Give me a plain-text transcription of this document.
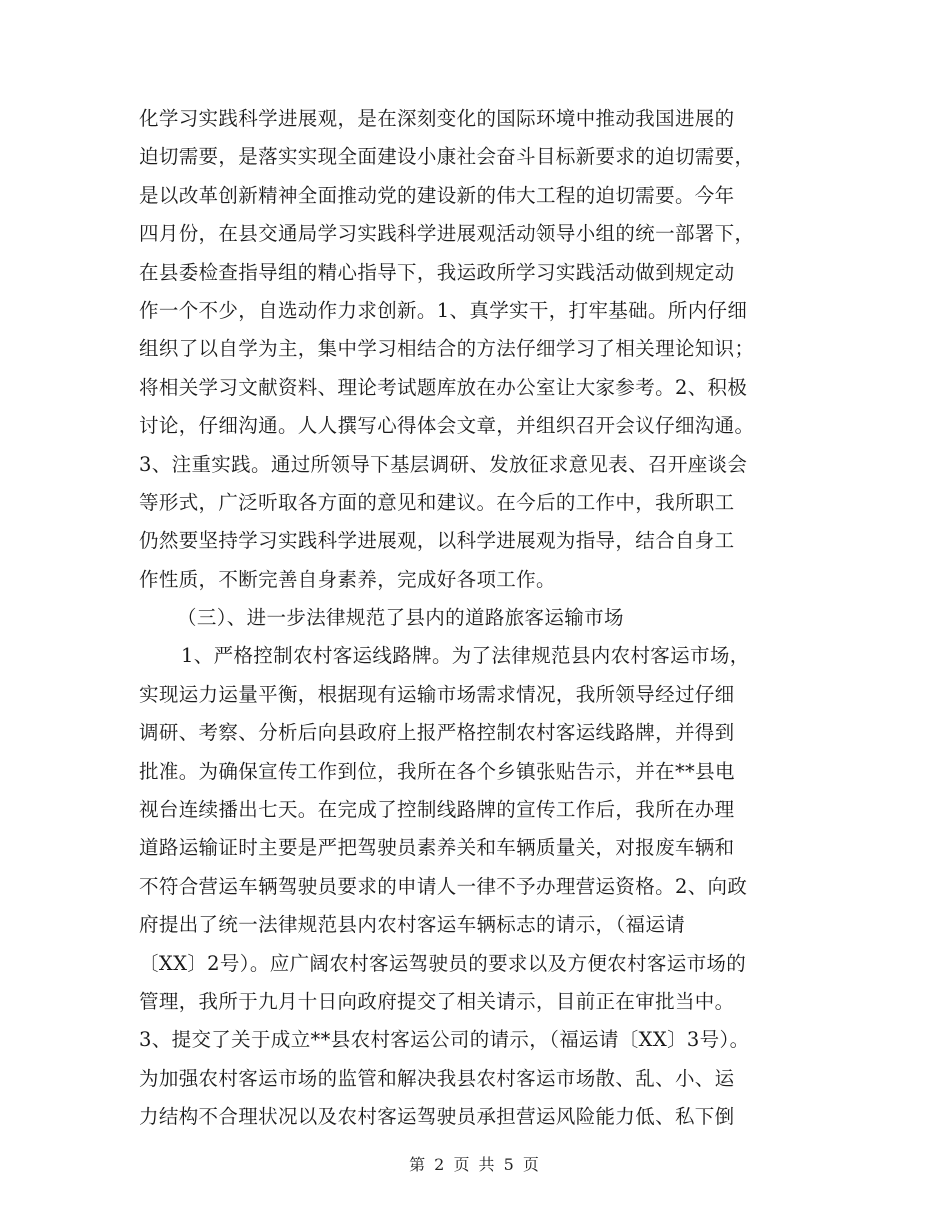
化学习实践科学进展观，是在深刻变化的国际环境中推动我国进展的
迫切需要，是落实实现全面建设小康社会奋斗目标新要求的迫切需要，
是以改革创新精神全面推动党的建设新的伟大工程的迫切需要。今年
四月份，在县交通局学习实践科学进展观活动领导小组的统一部署下，
在县委检查指导组的精心指导下，我运政所学习实践活动做到规定动
作一个不少，自选动作力求创新。1、真学实干，打牢基础。所内仔细
组织了以自学为主，集中学习相结合的方法仔细学习了相关理论知识；
将相关学习文献资料、理论考试题库放在办公室让大家参考。2、积极
讨论，仔细沟通。人人撰写心得体会文章，并组织召开会议仔细沟通。
3、注重实践。通过所领导下基层调研、发放征求意见表、召开座谈会
等形式，广泛听取各方面的意见和建议。在今后的工作中，我所职工
仍然要坚持学习实践科学进展观，以科学进展观为指导，结合自身工
作性质，不断完善自身素养，完成好各项工作。
（三）、进一步法律规范了县内的道路旅客运输市场
1、严格控制农村客运线路牌。为了法律规范县内农村客运市场，
实现运力运量平衡，根据现有运输市场需求情况，我所领导经过仔细
调研、考察、分析后向县政府上报严格控制农村客运线路牌，并得到
批准。为确保宣传工作到位，我所在各个乡镇张贴告示，并在**县电
视台连续播出七天。在完成了控制线路牌的宣传工作后，我所在办理
道路运输证时主要是严把驾驶员素养关和车辆质量关，对报废车辆和
不符合营运车辆驾驶员要求的申请人一律不予办理营运资格。2、向政
府提出了统一法律规范县内农村客运车辆标志的请示，（福运请
〔XX〕2号）。应广阔农村客运驾驶员的要求以及方便农村客运市场的
管理，我所于九月十日向政府提交了相关请示，目前正在审批当中。
3、提交了关于成立**县农村客运公司的请示，（福运请〔XX〕3号）。
为加强农村客运市场的监管和解决我县农村客运市场散、乱、小、运
力结构不合理状况以及农村客运驾驶员承担营运风险能力低、私下倒
第 2 页 共 5 页
